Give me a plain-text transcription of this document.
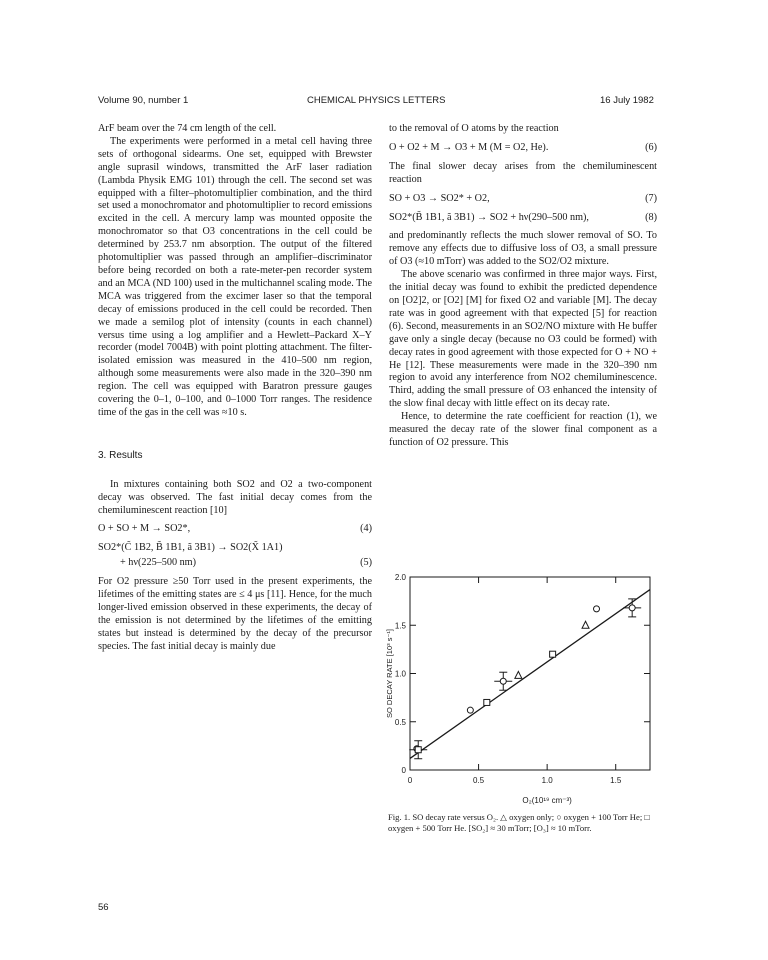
Volume 90, number 1	CHEMICAL PHYSICS LETTERS	16 July 1982

ArF beam over the 74 cm length of the cell.

The experiments were performed in a metal cell having three sets of orthogonal sidearms. One set, equipped with Brewster angle suprasil windows, transmitted the ArF laser radiation (Lambda Physik EMG 101) through the cell. The second set was equipped with a filter–photomultiplier combination, and the third set used a monochromator and photomultiplier to record emissions excited in the cell. A mercury lamp was mounted opposite the monochromator so that O3 concentrations in the cell could be determined by 253.7 nm absorption. The output of the filtered photomultiplier was passed through an amplifier–discriminator before being recorded on both a rate-meter-pen recorder system and an MCA (ND 100) used in the multichannel scaling mode. The MCA was triggered from the excimer laser so that the temporal decay of emissions produced in the cell could be recorded. Then we made a semilog plot of intensity (counts in each channel) versus time using a log amplifier and a Hewlett–Packard X–Y recorder (model 7004B) with point plotting attachment. The filter-isolated emission was measured in the 410–500 nm region, although some measurements were also made in the 320–390 nm region. The cell was equipped with Baratron pressure gauges covering the 0–1, 0–100, and 0–1000 Torr ranges. The residence time of the gas in the cell was ≈10 s.

3. Results

In mixtures containing both SO2 and O2 a two-component decay was observed. The fast initial decay comes from the chemiluminescent reaction [10]

O + SO + M → SO2*,	(4)
SO2*(C̃ 1B2, B̃ 1B1, ã 3B1) → SO2(X̃ 1A1)
+ hν(225–500 nm)	(5)

For O2 pressure ≥50 Torr used in the present experiments, the lifetimes of the emitting states are ≤ 4 μs [11]. Hence, for the much longer-lived emission observed in these experiments, the decay of the emission is not determined by the lifetimes of the emitting states but instead is determined by the decay of the precursor species. The fast initial decay is mainly due

to the removal of O atoms by the reaction

O + O2 + M → O3 + M (M = O2, He).	(6)

The final slower decay arises from the chemiluminescent reaction

SO + O3 → SO2* + O2,	(7)
SO2*(B̃ 1B1, ã 3B1) → SO2 + hν(290–500 nm),	(8)

and predominantly reflects the much slower removal of SO. To remove any effects due to diffusive loss of O3, a small pressure of O3 (≈10 mTorr) was added to the SO2/O2 mixture.

The above scenario was confirmed in three major ways. First, the initial decay was found to exhibit the predicted dependence on [O2]2, or [O2] [M] for fixed O2 and variable [M]. The decay rate was in good agreement with that expected [5] for reaction (6). Second, measurements in an SO2/NO mixture with He buffer gave only a single decay (because no O3 could be formed) with decay rates in good agreement with those expected for O + NO + He [12]. These measurements were made in the 320–390 nm region to avoid any interference from NO2 chemiluminescence. Third, adding the small pressure of O3 enhanced the intensity of the slow final decay with little effect on its decay rate.

Hence, to determine the rate coefficient for reaction (1), we measured the decay rate of the slower final component as a function of O2 pressure. This

0	0.5	1.0	1.5
0
0.5
1.0
1.5
2.0
SO DECAY RATE [10³ s⁻¹]
O₂(10¹⁹ cm⁻³)
Fig. 1. SO decay rate versus O₂. △ oxygen only; ○ oxygen + 100 Torr He; □ oxygen + 500 Torr He. [SO₂] ≈ 30 mTorr; [O₃] ≈ 10 mTorr.
56
